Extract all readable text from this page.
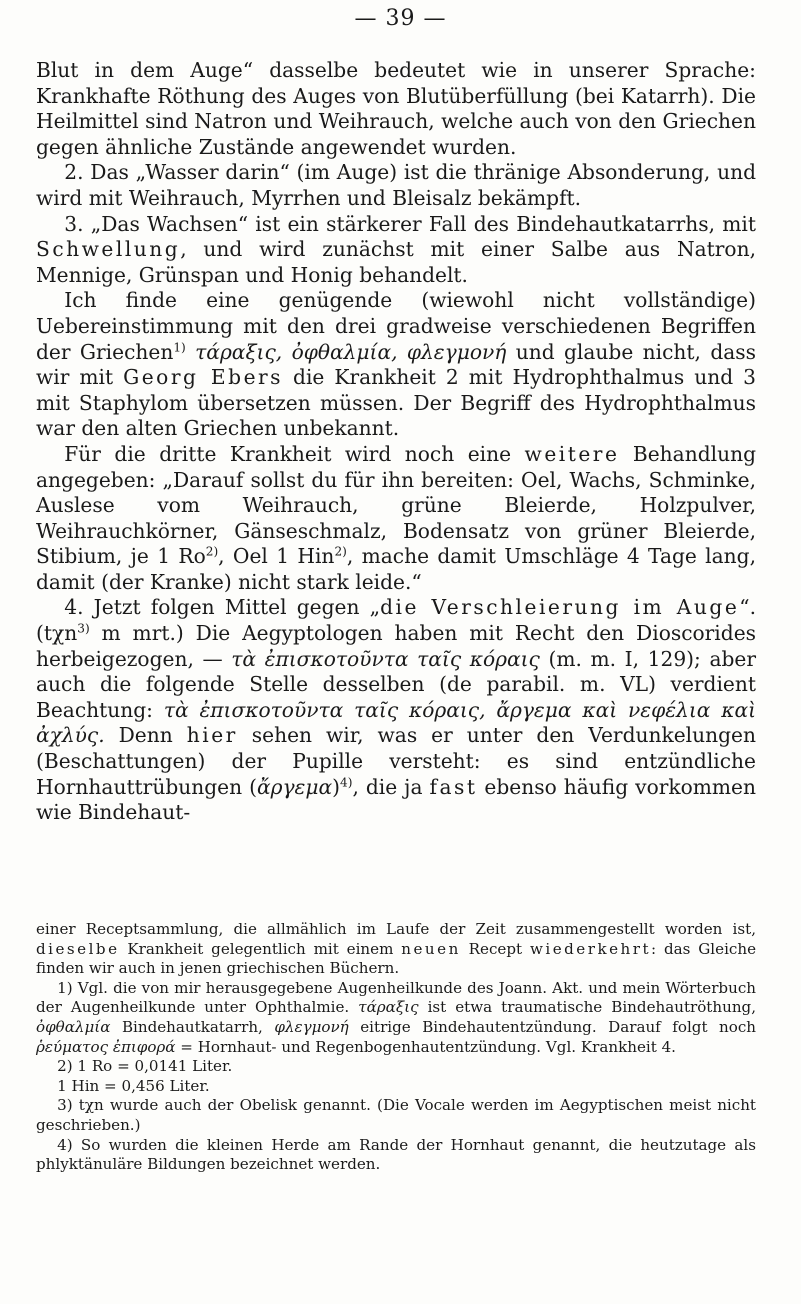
— 39 —

Blut in dem Auge“ dasselbe bedeutet wie in unserer Sprache: Krankhafte Röthung des Auges von Blutüberfüllung (bei Katarrh). Die Heilmittel sind Natron und Weihrauch, welche auch von den Griechen gegen ähnliche Zustände angewendet wurden.

2. Das „Wasser darin“ (im Auge) ist die thränige Absonderung, und wird mit Weihrauch, Myrrhen und Bleisalz bekämpft.

3. „Das Wachsen“ ist ein stärkerer Fall des Bindehautkatarrhs, mit Schwellung, und wird zunächst mit einer Salbe aus Natron, Mennige, Grünspan und Honig behandelt.

Ich finde eine genügende (wiewohl nicht vollständige) Uebereinstimmung mit den drei gradweise verschiedenen Begriffen der Griechen$^{1)}$ τάραξις, ὀφθαλμία, φλεγμονή und glaube nicht, dass wir mit Georg Ebers die Krankheit 2 mit Hydrophthalmus und 3 mit Staphylom übersetzen müssen. Der Begriff des Hydrophthalmus war den alten Griechen unbekannt.

Für die dritte Krankheit wird noch eine weitere Behandlung angegeben: „Darauf sollst du für ihn bereiten: Oel, Wachs, Schminke, Auslese vom Weihrauch, grüne Bleierde, Holzpulver, Weihrauchkörner, Gänseschmalz, Bodensatz von grüner Bleierde, Stibium, je 1 Ro$^{2)}$, Oel 1 Hin$^{2)}$, mache damit Umschläge 4 Tage lang, damit (der Kranke) nicht stark leide.“

4. Jetzt folgen Mittel gegen „die Verschleierung im Auge“. (tχn$^{3)}$ m mrt.) Die Aegyptologen haben mit Recht den Dioscorides herbeigezogen, — τὰ ἐπισκοτοῦντα ταῖς κόραις (m. m. I, 129); aber auch die folgende Stelle desselben (de parabil. m. VL) verdient Beachtung: τὰ ἐπισκοτοῦντα ταῖς κόραις, ἄργεμα καὶ νεφέλια καὶ ἀχλύς. Denn hier sehen wir, was er unter den Verdunkelungen (Beschattungen) der Pupille versteht: es sind entzündliche Hornhauttrübungen (ἄργεμα)$^{4)}$, die ja fast ebenso häufig vorkommen wie Bindehaut-

einer Receptsammlung, die allmählich im Laufe der Zeit zusammengestellt worden ist, dieselbe Krankheit gelegentlich mit einem neuen Recept wiederkehrt: das Gleiche finden wir auch in jenen griechischen Büchern.

1) Vgl. die von mir herausgegebene Augenheilkunde des Joann. Akt. und mein Wörterbuch der Augenheilkunde unter Ophthalmie. τάραξις ist etwa traumatische Bindehautröthung, ὀφθαλμία Bindehautkatarrh, φλεγμονή eitrige Bindehautentzündung. Darauf folgt noch ῥεύματος ἐπιφορά = Hornhaut- und Regenbogenhautentzündung. Vgl. Krankheit 4.

2) 1 Ro = 0,0141 Liter.

1 Hin = 0,456 Liter.

3) tχn wurde auch der Obelisk genannt. (Die Vocale werden im Aegyptischen meist nicht geschrieben.)

4) So wurden die kleinen Herde am Rande der Hornhaut genannt, die heutzutage als phlyktänuläre Bildungen bezeichnet werden.
